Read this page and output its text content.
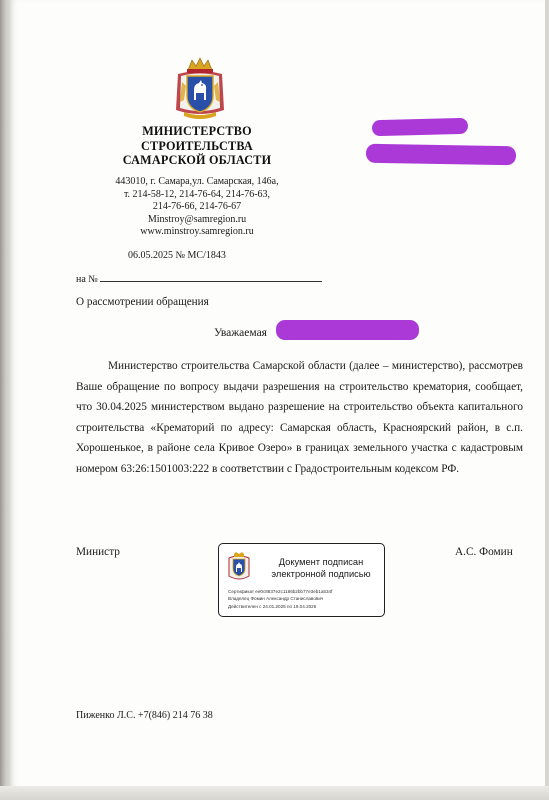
МИНИСТЕРСТВО
СТРОИТЕЛЬСТВА
САМАРСКОЙ ОБЛАСТИ
443010, г. Самара,ул. Самарская, 146а,
т. 214-58-12, 214-76-64, 214-76-63,
214-76-66, 214-76-67
Minstroy@samregion.ru
www.minstroy.samregion.ru
06.05.2025 № МС/1843
на №
О рассмотрении обращения
Уважаемая
Министерство строительства Самарской области (далее – министерство), рассмотрев Ваше обращение по вопросу выдачи разрешения на строительство крематория, сообщает, что 30.04.2025 министерством выдано разрешение на строительство объекта капитального строительства «Крематорий по адресу: Самарская область, Красноярский район, в с.п. Хорошенькое, в районе села Кривое Озеро» в границах земельного участка с кадастровым номером 63:26:1501003:222 в соответствии с Градостроительным кодексом РФ.
Министр
Документ подписан
электронной подписью
Сертификат ee0c8837e2c1186b2bb77e3eb1a534f
Владелец Фомин Александр Станиславович
Действителен с 24.01.2025 по 19.04.2026
А.С. Фомин
Пиженко Л.С. +7(846) 214 76 38
